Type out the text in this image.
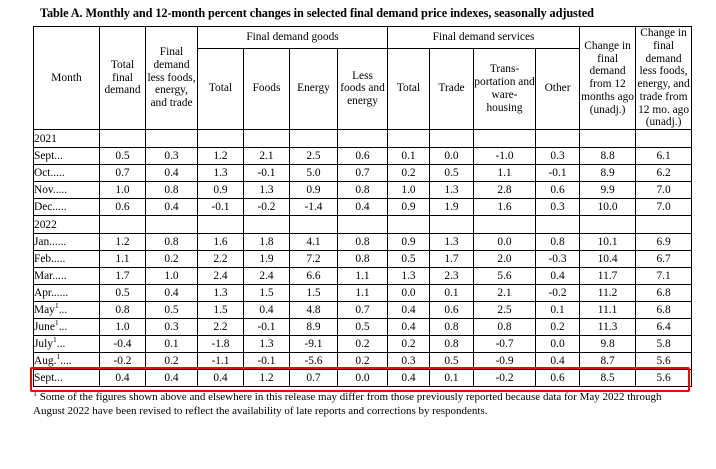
Table A. Monthly and 12-month percent changes in selected final demand price indexes, seasonally adjusted
Month	Total final demand	Final demand less foods, energy, and trade	Final demand goods				Final demand services				Change in final demand from 12 months ago (unadj.)	Change in final demand less foods, energy, and trade from 12 mo. ago (unadj.)
			Total	Foods	Energy	Less foods and energy	Total	Trade	Trans- portation and ware- housing	Other		
2021												
Sept...	0.5	0.3	1.2	2.1	2.5	0.6	0.1	0.0	-1.0	0.3	8.8	6.1
Oct.....	0.7	0.4	1.3	-0.1	5.0	0.7	0.2	0.5	1.1	-0.1	8.9	6.2
Nov.....	1.0	0.8	0.9	1.3	0.9	0.8	1.0	1.3	2.8	0.6	9.9	7.0
Dec.....	0.6	0.4	-0.1	-0.2	-1.4	0.4	0.9	1.9	1.6	0.3	10.0	7.0
2022												
Jan......	1.2	0.8	1.6	1.8	4.1	0.8	0.9	1.3	0.0	0.8	10.1	6.9
Feb.....	1.1	0.2	2.2	1.9	7.2	0.8	0.5	1.7	2.0	-0.3	10.4	6.7
Mar.....	1.7	1.0	2.4	2.4	6.6	1.1	1.3	2.3	5.6	0.4	11.7	7.1
Apr......	0.5	0.4	1.3	1.5	1.5	1.1	0.0	0.1	2.1	-0.2	11.2	6.8
May$^1$...	0.8	0.5	1.5	0.4	4.8	0.7	0.4	0.6	2.5	0.1	11.1	6.8
June$^1$...	1.0	0.3	2.2	-0.1	8.9	0.5	0.4	0.8	0.8	0.2	11.3	6.4
July$^1$...	-0.4	0.1	-1.8	1.3	-9.1	0.2	0.2	0.8	-0.7	0.0	9.8	5.8
Aug.$^1$....	-0.2	0.2	-1.1	-0.1	-5.6	0.2	0.3	0.5	-0.9	0.4	8.7	5.6
Sept...	0.4	0.4	0.4	1.2	0.7	0.0	0.4	0.1	-0.2	0.6	8.5	5.6
$^1$ Some of the figures shown above and elsewhere in this release may differ from those previously reported because data for May 2022 through August 2022 have been revised to reflect the availability of late reports and corrections by respondents.
